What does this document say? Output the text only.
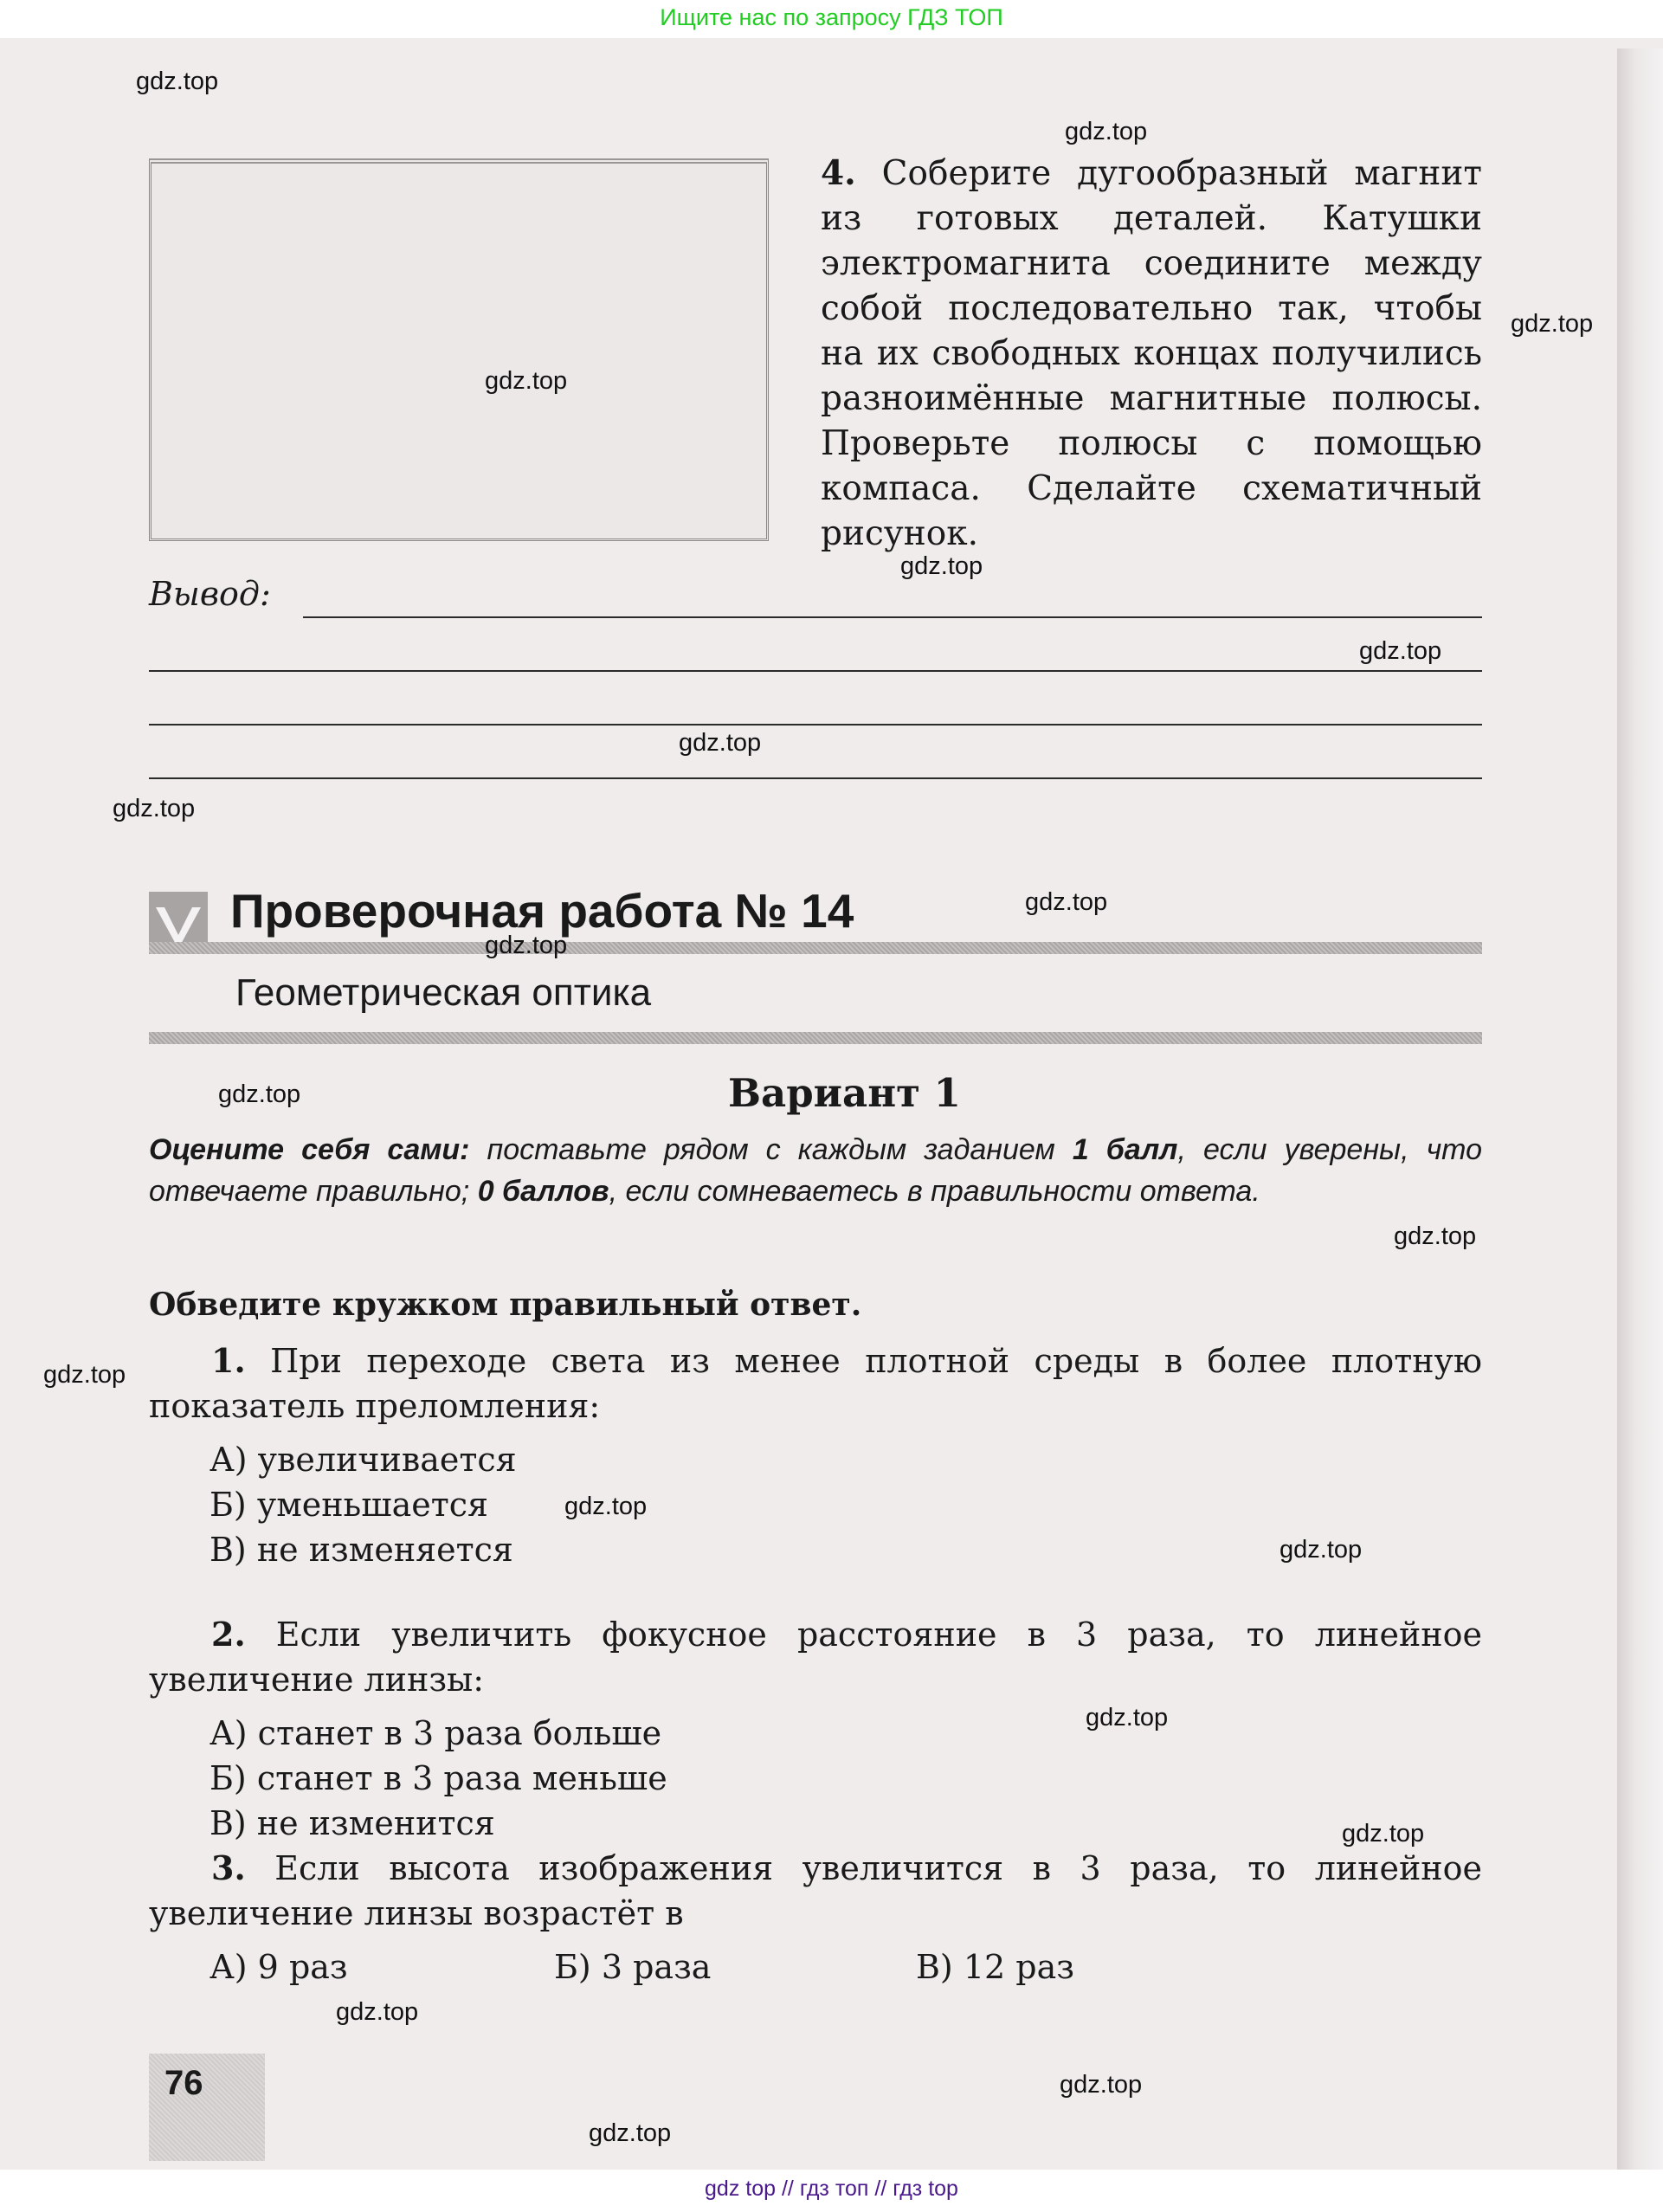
Ищите нас по запросу ГДЗ ТОП
4. Соберите дугообразный магнит из готовых деталей. Катушки электромагнита соедините между собой последовательно так, чтобы на их свободных концах получились разноимённые магнитные полюсы. Проверьте полюсы с помощью компаса. Сделайте схематичный рисунок.
Вывод:
Проверочная работа № 14
Геометрическая оптика
Вариант 1
Оцените себя сами: поставьте рядом с каждым заданием 1 балл, если уверены, что отвечаете правильно; 0 баллов, если сомневаетесь в правильности ответа.
Обведите кружком правильный ответ.
1. При переходе света из менее плотной среды в более плотную показатель преломления:
А) увеличивается
Б) уменьшается
В) не изменяется
2. Если увеличить фокусное расстояние в 3 раза, то линейное увеличение линзы:
А) станет в 3 раза больше
Б) станет в 3 раза меньше
В) не изменится
3. Если высота изображения увеличится в 3 раза, то линейное увеличение линзы возрастёт в
А) 9 раз	Б) 3 раза	В) 12 раз
76
gdz.top
gdz.top
gdz.top
gdz.top
gdz.top
gdz.top
gdz.top
gdz.top
gdz.top
gdz.top
gdz.top
gdz.top
gdz.top
gdz.top
gdz.top
gdz.top
gdz.top
gdz.top
gdz.top
gdz.top
gdz top // гдз топ // гдз top
